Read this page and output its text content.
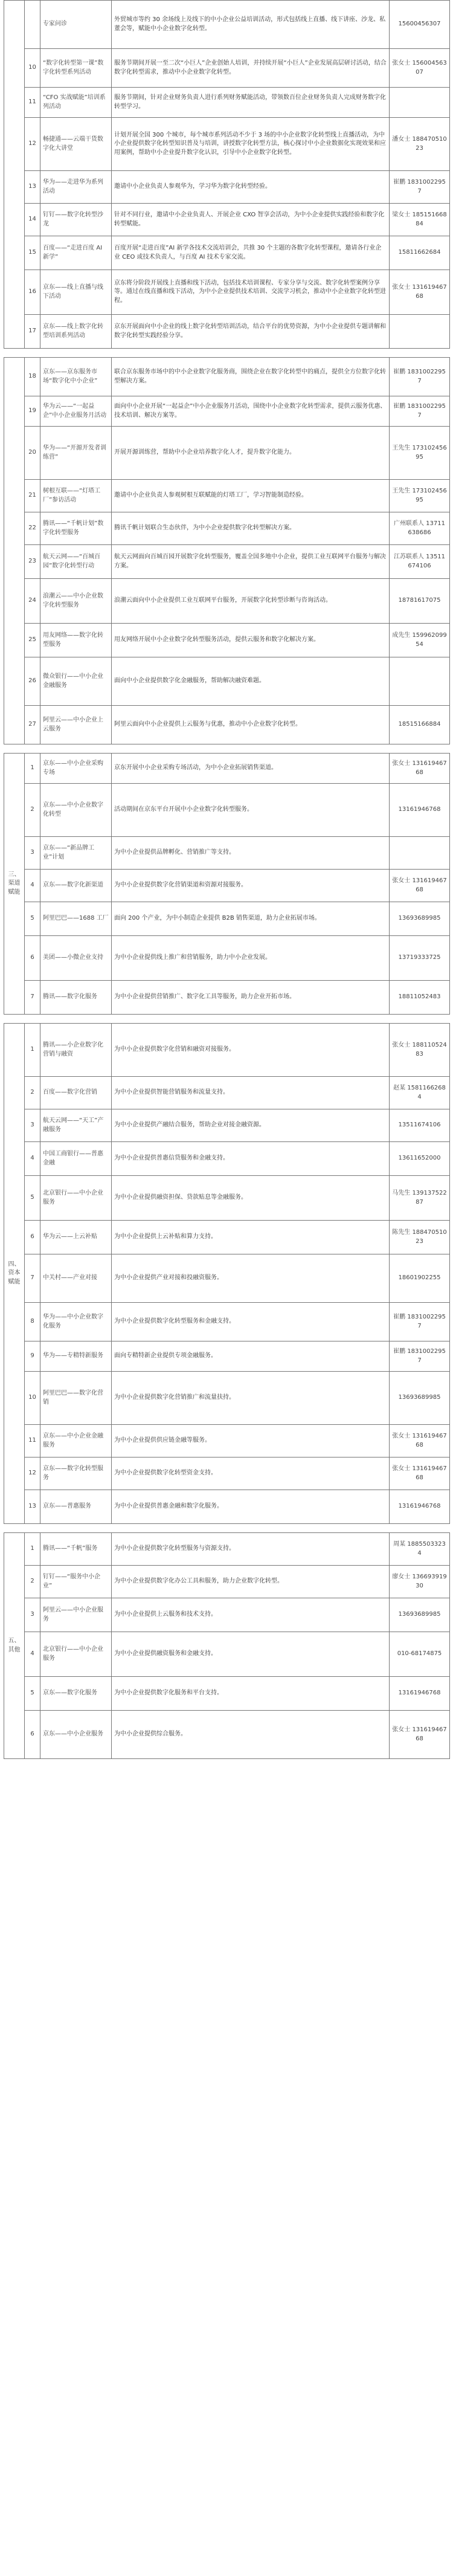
		专家问诊	外贸城市等约 30 余场线上及线下的中小企业公益培训活动，形式包括线上直播、线下讲座、沙龙、私董会等，赋能中小企业数字化转型。	15600456307
	10	“数字化转型第一课”数字化转型系列活动	服务节期间开展一至二次“小巨人”企业创始人培训，并持续开展“小巨人”企业发展高层研讨活动，结合数字化转型需求，推动中小企业数字化转型。	张女士 15600456307
	11	“CFO 实战赋能”培训系列活动	服务节期间，针对企业财务负责人进行系列财务赋能活动，带领数百位企业财务负责人完成财务数字化转型学习。	
	12	畅捷通——云端干货数字化大讲堂	计划开展全国 300 个城市，每个城市系列活动不少于 3 场的中小企业数字化转型线上直播活动，为中小企业提供数字化转型知识普及与培训，讲授数字化转型方法，核心探讨中小企业数据化实现效果和应用案例，帮助中小企业提升数字化认识，引导中小企业数字化转型。	潘女士 18847051023
	13	华为——走进华为系列活动	邀请中小企业负责人参观华为，学习华为数字化转型经验。	崔鹏 18310022957
	14	钉钉——数字化转型沙龙	针对不同行业，邀请中小企业负责人、开展企业 CXO 智享会活动，为中小企业提供实践经验和数字化转型赋能。	梁女士 18515166884
	15	百度——“走进百度 AI 新学”	百度开展“走进百度”AI 新学各技术交流培训会，共推 30 个主题的各数字化转型课程，邀请各行业企业 CEO 或技术负责人，与百度 AI 技术专家交流。	15811662684
	16	京东——线上直播与线下活动	京东将分阶段开展线上直播和线下活动，包括技术培训课程、专家分享与交流、数字化转型案例分享等。通过在线直播和线下活动，为中小企业提供技术培训、交流学习机会，推动中小企业数字化转型进程。	张女士 13161946768
	17	京东——线上数字化转型培训系列活动	京东开展面向中小企业的线上数字化转型培训活动，结合平台的优势资源，为中小企业提供专题讲解和数字化转型实践经验分享。	

	18	京东——京东服务市场“数字化中小企业”	联合京东服务市场中的中小企业数字化服务商，围绕企业在数字化转型中的痛点，提供全方位数字化转型解决方案。	崔鹏 18310022957
	19	华为云——“一起益企”中小企业服务月活动	面向中小企业开展“一起益企”中小企业服务月活动，围绕中小企业数字化转型需求，提供云服务优惠、技术培训、解决方案等。	崔鹏 18310022957
	20	华为——“开源开发者训练营”	开展开源训练营，帮助中小企业培养数字化人才，提升数字化能力。	王先生 17310245695
	21	树根互联——“灯塔工厂”参访活动	邀请中小企业负责人参观树根互联赋能的灯塔工厂，学习智能制造经验。	王先生 17310245695
	22	腾讯——“千帆计划”数字化转型服务	腾讯千帆计划联合生态伙伴，为中小企业提供数字化转型解决方案。	广州联系人 13711638686
	23	航天云网——“百城百园”数字化转型行动	航天云网面向百城百园开展数字化转型服务，覆盖全国多地中小企业，提供工业互联网平台服务与解决方案。	江苏联系人 13511674106
	24	浪潮云——中小企业数字化转型服务	浪潮云面向中小企业提供工业互联网平台服务，开展数字化转型诊断与咨询活动。	18781617075
	25	用友网络——数字化转型服务	用友网络开展中小企业数字化转型服务活动，提供云服务和数字化解决方案。	成先生 15996209954
	26	微众银行——中小企业金融服务	面向中小企业提供数字化金融服务，帮助解决融资难题。	
	27	阿里云——中小企业上云服务	阿里云面向中小企业提供上云服务与优惠，推动中小企业数字化转型。	18515166884

三、渠道赋能	1	京东——中小企业采购专场	京东开展中小企业采购专场活动，为中小企业拓展销售渠道。	张女士 13161946768
	2	京东——中小企业数字化转型	活动期间在京东平台开展中小企业数字化转型服务。	13161946768
	3	京东——“新品牌工业”计划	为中小企业提供品牌孵化、营销推广等支持。	
	4	京东——数字化新渠道	为中小企业提供数字化营销渠道和资源对接服务。	张女士 13161946768
	5	阿里巴巴——1688 工厂	面向 200 个产业，为中小制造企业提供 B2B 销售渠道，助力企业拓展市场。	13693689985
	6	美团——小微企业支持	为中小企业提供线上推广和营销服务，助力中小企业发展。	13719333725
	7	腾讯——数字化服务	为中小企业提供营销推广、数字化工具等服务，助力企业开拓市场。	18811052483

四、资本赋能	1	腾讯——小企业数字化营销与融资	为中小企业提供数字化营销和融资对接服务。	张女士 18811052483
	2	百度——数字化营销	为中小企业提供智能营销服务和流量支持。	赵某 15811662684
	3	航天云网——“天工”产融服务	为中小企业提供产融结合服务，帮助企业对接金融资源。	13511674106
	4	中国工商银行——普惠金融	为中小企业提供普惠信贷服务和金融支持。	13611652000
	5	北京银行——中小企业服务	为中小企业提供融资担保、贷款贴息等金融服务。	马先生 13913752287
	6	华为云——上云补贴	为中小企业提供上云补贴和算力支持。	陈先生 18847051023
	7	中关村——产业对接	为中小企业提供产业对接和投融资服务。	18601902255
	8	华为——中小企业数字化服务	为中小企业提供数字化转型服务和金融支持。	崔鹏 18310022957
	9	华为——专精特新服务	面向专精特新企业提供专项金融服务。	崔鹏 18310022957
	10	阿里巴巴——数字化营销	为中小企业提供数字化营销推广和流量扶持。	13693689985
	11	京东——中小企业金融服务	为中小企业提供供应链金融等服务。	张女士 13161946768
	12	京东——数字化转型服务	为中小企业提供数字化转型资金支持。	张女士 13161946768
	13	京东——普惠服务	为中小企业提供普惠金融和数字化服务。	13161946768

五、其他	1	腾讯——“千帆”服务	为中小企业提供数字化转型服务与资源支持。	周某 18855033234
	2	钉钉——“服务中小企业”	为中小企业提供数字化办公工具和服务，助力企业数字化转型。	廖女士 13669391930
	3	阿里云——中小企业服务	为中小企业提供上云服务和技术支持。	13693689985
	4	北京银行——中小企业服务	为中小企业提供融资服务和金融支持。	010-68174875
	5	京东——数字化服务	为中小企业提供数字化服务和平台支持。	13161946768
	6	京东——中小企业服务	为中小企业提供综合服务。	张女士 13161946768
